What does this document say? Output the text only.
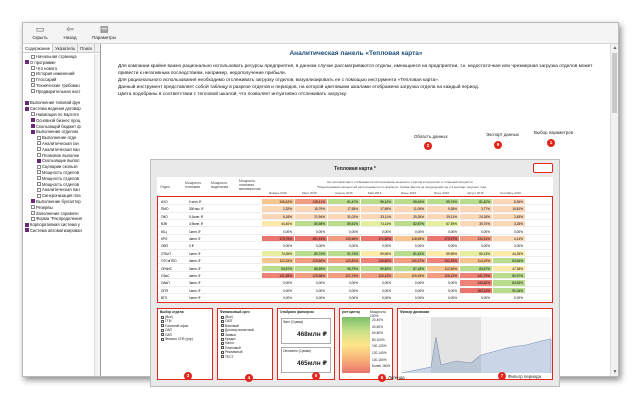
▭
Скрыть
⇦
Назад
▤
Параметры
Содержание	Указатель	Поиск
Начальная страница
О программе
Что нового
История изменений
Глоссарий
Технические требован
Предварительная наст
Выполнение типовой фун
Система ведения договор
Навигация по Картоте
Основной бизнес проц
Скользящий бюджет ф
Выполнение отделом
Выполнение отде
Аналитическая ган
Аналитическая пан
Плановое выполне
Скользящие выпол
Сценарии скользя
Мощность отделов
Мощность отделов
Мощность отделов
Аналитическая пан
Синхронизация пла
Выполнение бухгалтер
Резервы
Заполнение справочн
Форма "Распределения
Корпоративная система у
Система автоматизирован
Аналитическая панель «Тепловая карта»

Для компании крайне важно рационально использовать ресурсы предприятия, в данном случае рассматриваются отделы, имеющиеся на предприятии, т.к. недостаточная или чрезмерная загрузка отделов может привести к негативным последствиям, например, недополучение прибыли.

Для рационального использования необходимо отслеживать загрузку отделов, визуализировать ее с помощью инструмента «Тепловая карта».

Данный инструмент представляет собой таблицу в разрезе отделов и периодов, на которой цветовыми шкалами отображена загрузка отдела на каждый период.

Цвета подобраны в соответствии с тепловой шкалой, что позволяет интуитивно отслеживать загрузку.

Область данных
2
Экспорт данных
9
Выбор параметров
1
Тепловая карта *
Отдел
Мощность плановая
Мощность модельная
Мощность плановая минимальная
На тепловой карте отображается использование мощности отделов в процентах от плановой мощности
*Моделирование мощностей рассчитывается по формуле: Сумма фактов на предыдущий год и 3 месяцах текущего года
Январь 2016	Март 2016	Апрель 2016	Май 2016	Июнь 2016	Июль 2016	Август 2016	Сентябрь 2016
АХО	0 млн. ₽	106,42%	138,41%	81,47%	96,14%	85,64%	99,74%	81,42%	8,26%
ПМО	300тыс. ₽	2,32%	15,79%	17,55%	17,69%	11,09%	9,35%	3,77%	10,81%
ГМО	5,1млн. ₽	6,18%	21,94%	31,02%	33,11%	25,26%	29,11%	24,18%	2,45%
ВЭК	3,9млн. ₽	44,40%	80,98%	89,51%	74,14%	82,87%	67,39%	39,70%	3,25%
ЮЦ	1млн. ₽	0,00%	0,00%	0,00%	0,00%	0,00%	0,00%	0,00%	0,00%
КРО	4млн. ₽	179,75%	191,13%	130,66%	171,52%	118,59%	179,37%	134,14%	4,14%
ОВП	0 ₽	0,00%	0,00%	0,00%	0,00%	0,00%	0,00%	0,00%	0,00%
ОТКиТ	1млн. ₽	74,35%	80,74%	91,74%	59,56%	81,51%	59,96%	65,13%	44,25%
ОТСиППО	4млн. ₽	112,15%	125,56%	120,81%	140,80%	130,37%	152,29%	114,19%	83,64%
ОРиИС	2млн. ₽	94,57%	86,59%	96,79%	99,52%	87,18%	112,54%	83,67%	47,38%
ОЗиС	4млн. ₽	141,35%	128,58%	121,74%	120,12%	109,15%	128,13%	141,79%	80,97%
ОАиП	3млн. ₽	0,00%	0,00%	0,00%	0,00%	0,00%	0,00%	148,52%	84,53%
ОПП	1млн. ₽	0,00%	0,00%	0,00%	0,00%	0,00%	0,00%	163,14%	91,04%
ВТО	1млн. ₽	0,00%	0,00%	0,00%	0,00%	0,00%	0,00%	0,00%	0,00%
Выбор отдела
(Все)
ГТМ
Головной офис
ОАП
ОАП
Филиал СПб (упр)
Финансовый срез
(Все)
ОБП
Валовый
Договор валютный
Заявка
Кредит
Налог
Плановый
Рекламный
ТЕСТ
Отобрано фильтром
Факт (Сумма)
468млн ₽
Оплачено (Сумма)
465млн ₽
(нет цвета)	Мощность 100%
20-40%
40-60%
60-80%
80-100%
100-120%
120-140%
140-160%
Более 160%
Фильтр динамики
3	4	5	6	Легенда	7	Фильтр периода
▲
▼
